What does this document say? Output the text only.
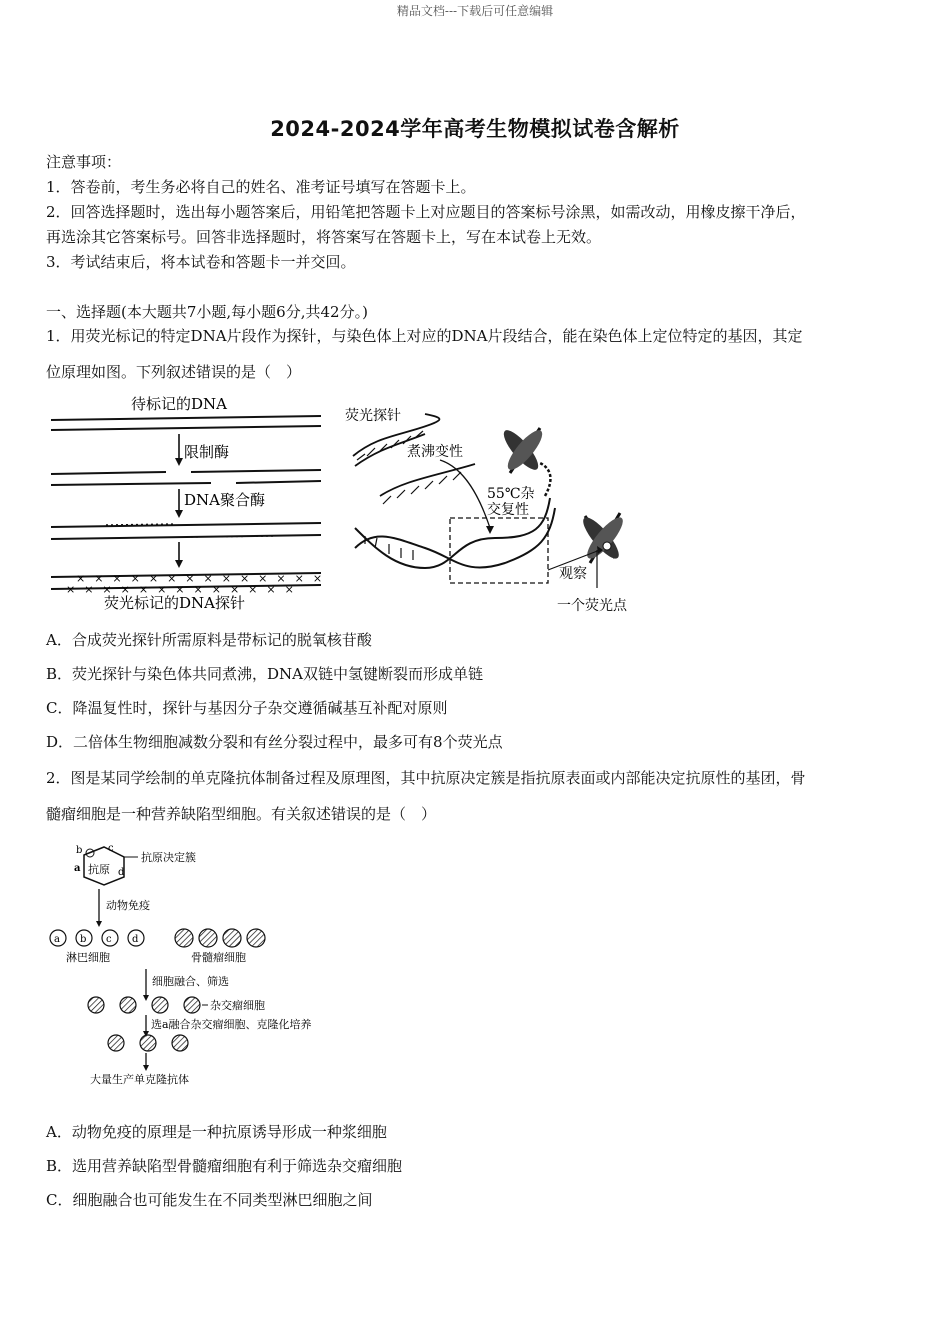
精品文档---下载后可任意编辑
2024-2024学年高考生物模拟试卷含解析
注意事项：
1．答卷前，考生务必将自己的姓名、准考证号填写在答题卡上。
2．回答选择题时，选出每小题答案后，用铅笔把答题卡上对应题目的答案标号涂黑，如需改动，用橡皮擦干净后，
再选涂其它答案标号。回答非选择题时，将答案写在答题卡上，写在本试卷上无效。
3．考试结束后，将本试卷和答题卡一并交回。
一、选择题(本大题共7小题,每小题6分,共42分。)
1．用荧光标记的特定DNA片段作为探针，与染色体上对应的DNA片段结合，能在染色体上定位特定的基因，其定
位原理如图。下列叙述错误的是（　）
待标记的DNA
限制酶
DNA聚合酶
××××××××××××××
×××××××××××××
荧光标记的DNA探针
荧光探针
煮沸变性
55℃杂
交复性
观察
一个荧光点
A．合成荧光探针所需原料是带标记的脱氧核苷酸
B．荧光探针与染色体共同煮沸，DNA双链中氢键断裂而形成单链
C．降温复性时，探针与基因分子杂交遵循碱基互补配对原则
D．二倍体生物细胞减数分裂和有丝分裂过程中，最多可有8个荧光点
2．图是某同学绘制的单克隆抗体制备过程及原理图，其中抗原决定簇是指抗原表面或内部能决定抗原性的基团，骨
髓瘤细胞是一种营养缺陷型细胞。有关叙述错误的是（　）
b	c
a	d
抗原
抗原决定簇
动物免疫
a b c d
淋巴细胞	骨髓瘤细胞
细胞融合、筛选
杂交瘤细胞
选a融合杂交瘤细胞、克隆化培养
大量生产单克隆抗体
A．动物免疫的原理是一种抗原诱导形成一种浆细胞
B．选用营养缺陷型骨髓瘤细胞有利于筛选杂交瘤细胞
C．细胞融合也可能发生在不同类型淋巴细胞之间
